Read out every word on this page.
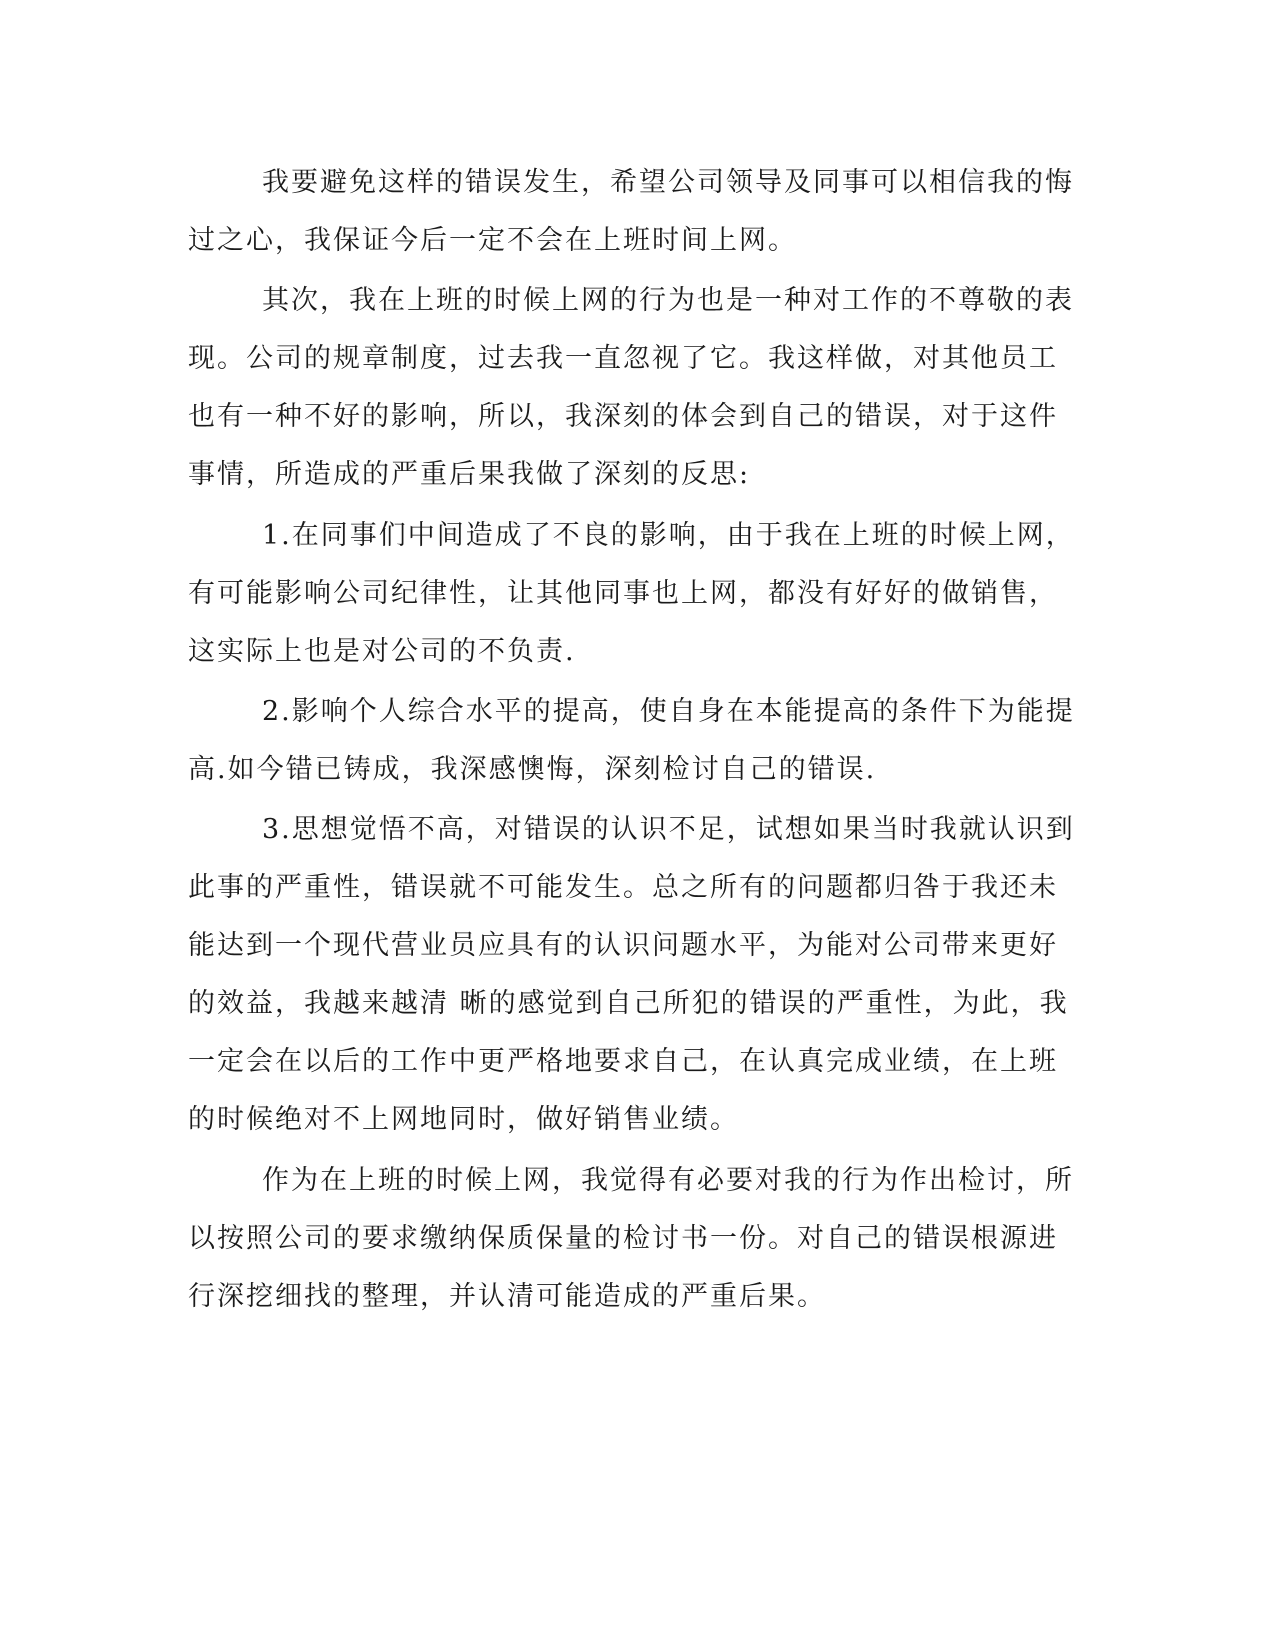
我要避免这样的错误发生，希望公司领导及同事可以相信我的悔
过之心，我保证今后一定不会在上班时间上网。
其次，我在上班的时候上网的行为也是一种对工作的不尊敬的表
现。公司的规章制度，过去我一直忽视了它。我这样做，对其他员工
也有一种不好的影响，所以，我深刻的体会到自己的错误，对于这件
事情，所造成的严重后果我做了深刻的反思:
1.在同事们中间造成了不良的影响，由于我在上班的时候上网，
有可能影响公司纪律性，让其他同事也上网，都没有好好的做销售，
这实际上也是对公司的不负责.
2.影响个人综合水平的提高，使自身在本能提高的条件下为能提
高.如今错已铸成，我深感懊悔，深刻检讨自己的错误.
3.思想觉悟不高，对错误的认识不足，试想如果当时我就认识到
此事的严重性，错误就不可能发生。总之所有的问题都归咎于我还未
能达到一个现代营业员应具有的认识问题水平，为能对公司带来更好
的效益，我越来越清 晰的感觉到自己所犯的错误的严重性，为此，我
一定会在以后的工作中更严格地要求自己，在认真完成业绩，在上班
的时候绝对不上网地同时，做好销售业绩。
作为在上班的时候上网，我觉得有必要对我的行为作出检讨，所
以按照公司的要求缴纳保质保量的检讨书一份。对自己的错误根源进
行深挖细找的整理，并认清可能造成的严重后果。
